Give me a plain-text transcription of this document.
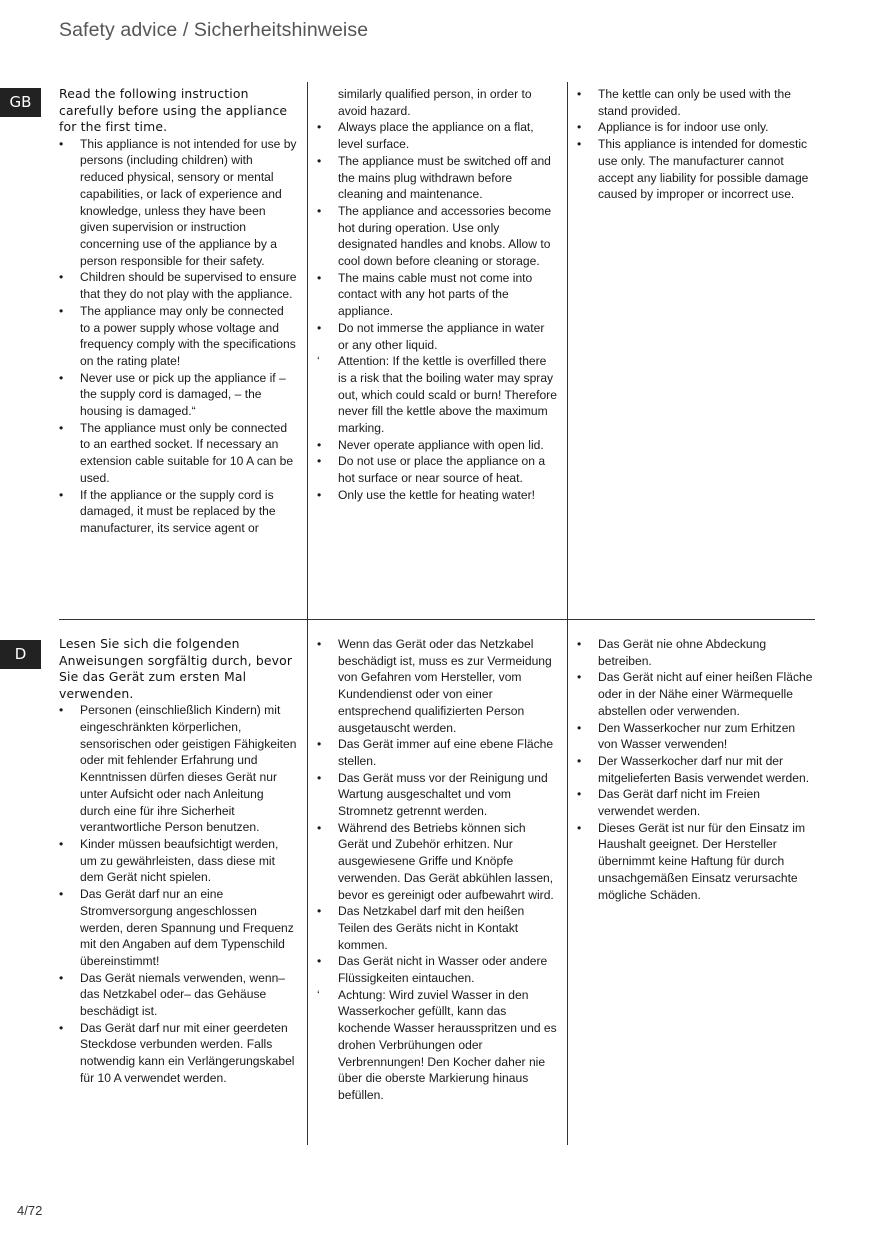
Safety advice / Sicherheitshinweise
GB	Read the following instruction carefully before using the appliance for the first time.

•	This appliance is not intended for use by persons (including children) with reduced physical, sensory or mental capabilities, or lack of experience and knowledge, unless they have been given supervision or instruction concerning use of the appliance by a person responsible for their safety.
•	Children should be supervised to ensure that they do not play with the appliance.
•	The appliance may only be connected to a power supply whose voltage and frequency comply with the specifications on the rating plate!
•	Never use or pick up the appliance if – the supply cord is damaged, – the housing is damaged.“
•	The appliance must only be connected to an earthed socket. If necessary an extension cable suitable for 10 A can be used.
•	If the appliance or the supply cord is damaged, it must be replaced by the manufacturer, its service agent or
similarly qualified person, in order to avoid hazard.
•	Always place the appliance on a flat, level surface.
•	The appliance must be switched off and the mains plug withdrawn before cleaning and maintenance.
•	The appliance and accessories become hot during operation. Use only designated handles and knobs. Allow to cool down before cleaning or storage.
•	The mains cable must not come into contact with any hot parts of the appliance.
•	Do not immerse the appliance in water or any other liquid.
‘	Attention: If the kettle is overfilled there is a risk that the boiling water may spray out, which could scald or burn! Therefore never fill the kettle above the maximum marking.
•	Never operate appliance with open lid.
•	Do not use or place the appliance on a hot surface or near source of heat.
•	Only use the kettle for heating water!
•	The kettle can only be used with the stand provided.
•	Appliance is for indoor use only.
•	This appliance is intended for domestic use only. The manufacturer cannot accept any liability for possible damage caused by improper or incorrect use.
D

Lesen Sie sich die folgenden Anweisungen sorgfältig durch, bevor Sie das Gerät zum ersten Mal verwenden.

•	Personen (einschließlich Kindern) mit eingeschränkten körperlichen, sensorischen oder geistigen Fähigkeiten oder mit fehlender Erfahrung und Kenntnissen dürfen dieses Gerät nur unter Aufsicht oder nach Anleitung durch eine für ihre Sicherheit verantwortliche Person benutzen.
•	Kinder müssen beaufsichtigt werden, um zu gewährleisten, dass diese mit dem Gerät nicht spielen.
•	Das Gerät darf nur an eine Stromversorgung angeschlossen werden, deren Spannung und Frequenz mit den Angaben auf dem Typenschild übereinstimmt!
•	Das Gerät niemals verwenden, wenn– das Netzkabel oder– das Gehäuse beschädigt ist.
•	Das Gerät darf nur mit einer geerdeten Steckdose verbunden werden. Falls notwendig kann ein Verlängerungskabel für 10 A verwendet werden.
•	Wenn das Gerät oder das Netzkabel beschädigt ist, muss es zur Vermeidung von Gefahren vom Hersteller, vom Kundendienst oder von einer entsprechend qualifizierten Person ausgetauscht werden.
•	Das Gerät immer auf eine ebene Fläche stellen.
•	Das Gerät muss vor der Reinigung und Wartung ausgeschaltet und vom Stromnetz getrennt werden.
•	Während des Betriebs können sich Gerät und Zubehör erhitzen. Nur ausgewiesene Griffe und Knöpfe verwenden. Das Gerät abkühlen lassen, bevor es gereinigt oder aufbewahrt wird.
•	Das Netzkabel darf mit den heißen Teilen des Geräts nicht in Kontakt kommen.
•	Das Gerät nicht in Wasser oder andere Flüssigkeiten eintauchen.
‘	Achtung: Wird zuviel Wasser in den Wasserkocher gefüllt, kann das kochende Wasser herausspritzen und es drohen Verbrühungen oder Verbrennungen! Den Kocher daher nie über die oberste Markierung hinaus befüllen.
•	Das Gerät nie ohne Abdeckung betreiben.
•	Das Gerät nicht auf einer heißen Fläche oder in der Nähe einer Wärmequelle abstellen oder verwenden.
•	Den Wasserkocher nur zum Erhitzen von Wasser verwenden!
•	Der Wasserkocher darf nur mit der mitgelieferten Basis verwendet werden.
•	Das Gerät darf nicht im Freien verwendet werden.
•	Dieses Gerät ist nur für den Einsatz im Haushalt geeignet. Der Hersteller übernimmt keine Haftung für durch unsachgemäßen Einsatz verursachte mögliche Schäden.
4/72
